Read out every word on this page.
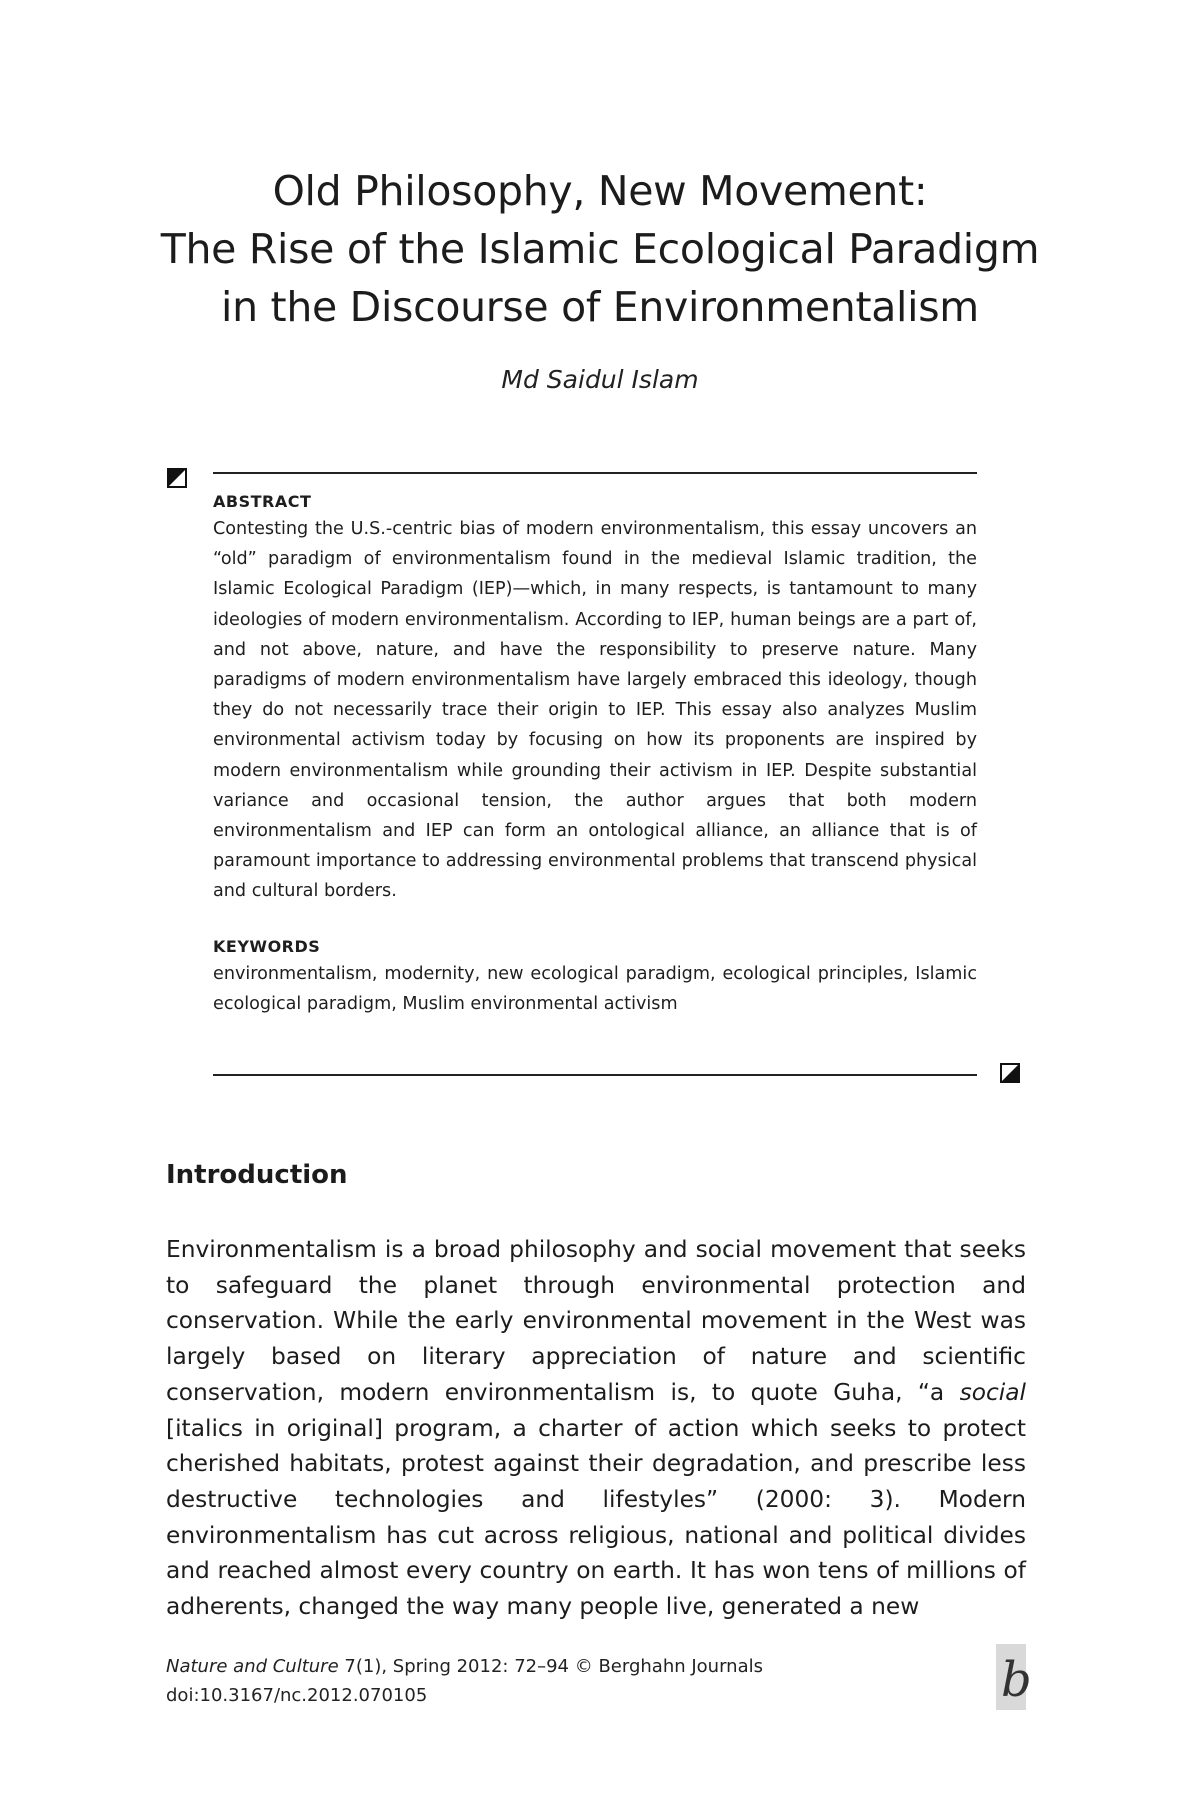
Old Philosophy, New Movement:
The Rise of the Islamic Ecological Paradigm
in the Discourse of Environmentalism
Md Saidul Islam

ABSTRACT

Contesting the U.S.-centric bias of modern environmentalism, this essay uncovers an “old” paradigm of environmentalism found in the medieval Islamic tradition, the Islamic Ecological Paradigm (IEP)—which, in many respects, is tantamount to many ideologies of modern environmentalism. According to IEP, human beings are a part of, and not above, nature, and have the responsibility to preserve nature. Many paradigms of modern environmentalism have largely embraced this ideology, though they do not necessarily trace their origin to IEP. This essay also analyzes Muslim environmental activism today by focusing on how its proponents are inspired by modern environmentalism while grounding their activism in IEP. Despite substantial variance and occasional tension, the author argues that both modern environmentalism and IEP can form an ontological alliance, an alliance that is of paramount importance to addressing environmental problems that transcend physical and cultural borders.

KEYWORDS

environmentalism, modernity, new ecological paradigm, ecological principles, Islamic ecological paradigm, Muslim environmental activism

Introduction

Environmentalism is a broad philosophy and social movement that seeks to safeguard the planet through environmental protection and conservation. While the early environmental movement in the West was largely based on literary appreciation of nature and scientific conservation, modern environmentalism is, to quote Guha, “a social [italics in original] program, a charter of action which seeks to protect cherished habitats, protest against their degradation, and prescribe less destructive technologies and lifestyles” (2000: 3). Modern environmentalism has cut across religious, national and political divides and reached almost every country on earth. It has won tens of millions of adherents, changed the way many people live, generated a new

Nature and Culture 7(1), Spring 2012: 72–94 © Berghahn Journals
doi:10.3167/nc.2012.070105	b
